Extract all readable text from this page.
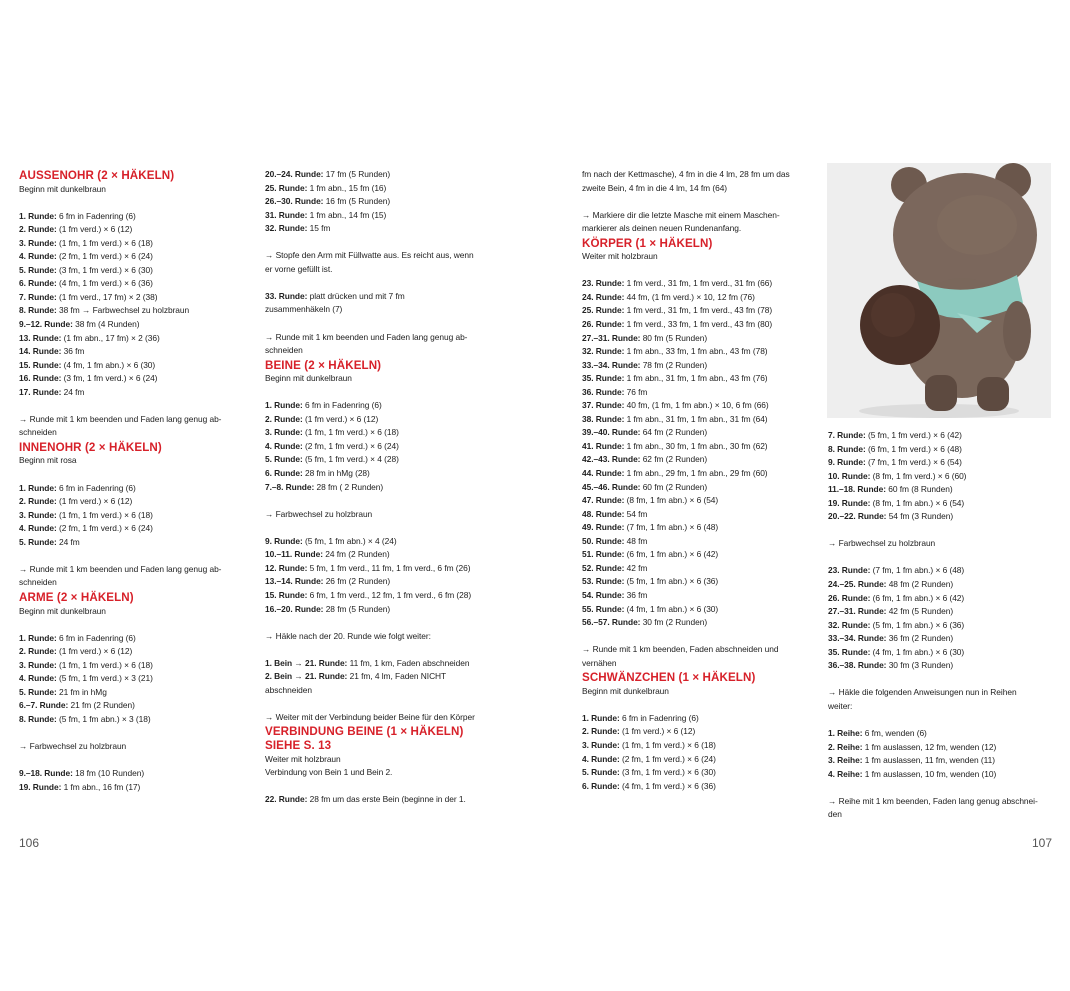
AUSSENOHR (2 × HÄKELN)

Beginn mit dunkelbraun

1. Runde: 6 fm in Fadenring (6)

2. Runde: (1 fm verd.) × 6 (12)

3. Runde: (1 fm, 1 fm verd.) × 6 (18)

4. Runde: (2 fm, 1 fm verd.) × 6 (24)

5. Runde: (3 fm, 1 fm verd.) × 6 (30)

6. Runde: (4 fm, 1 fm verd.) × 6 (36)

7. Runde: (1 fm verd., 17 fm) × 2 (38)

8. Runde: 38 fm → Farbwechsel zu holzbraun

9.–12. Runde: 38 fm (4 Runden)

13. Runde: (1 fm abn., 17 fm) × 2 (36)

14. Runde: 36 fm

15. Runde: (4 fm, 1 fm abn.) × 6 (30)

16. Runde: (3 fm, 1 fm verd.) × 6 (24)

17. Runde: 24 fm

→ Runde mit 1 km beenden und Faden lang genug ab-

schneiden

INNENOHR (2 × HÄKELN)

Beginn mit rosa

1. Runde: 6 fm in Fadenring (6)

2. Runde: (1 fm verd.) × 6 (12)

3. Runde: (1 fm, 1 fm verd.) × 6 (18)

4. Runde: (2 fm, 1 fm verd.) × 6 (24)

5. Runde: 24 fm

→ Runde mit 1 km beenden und Faden lang genug ab-

schneiden

ARME (2 × HÄKELN)

Beginn mit dunkelbraun

1. Runde: 6 fm in Fadenring (6)

2. Runde: (1 fm verd.) × 6 (12)

3. Runde: (1 fm, 1 fm verd.) × 6 (18)

4. Runde: (5 fm, 1 fm verd.) × 3 (21)

5. Runde: 21 fm in hMg

6.–7. Runde: 21 fm (2 Runden)

8. Runde: (5 fm, 1 fm abn.) × 3 (18)

→ Farbwechsel zu holzbraun

9.–18. Runde: 18 fm (10 Runden)

19. Runde: 1 fm abn., 16 fm (17)

20.–24. Runde: 17 fm (5 Runden)

25. Runde: 1 fm abn., 15 fm (16)

26.–30. Runde: 16 fm (5 Runden)

31. Runde: 1 fm abn., 14 fm (15)

32. Runde: 15 fm

→ Stopfe den Arm mit Füllwatte aus. Es reicht aus, wenn

er vorne gefüllt ist.

33. Runde: platt drücken und mit 7 fm

zusammenhäkeln (7)

→ Runde mit 1 km beenden und Faden lang genug ab-

schneiden

BEINE (2 × HÄKELN)

Beginn mit dunkelbraun

1. Runde: 6 fm in Fadenring (6)

2. Runde: (1 fm verd.) × 6 (12)

3. Runde: (1 fm, 1 fm verd.) × 6 (18)

4. Runde: (2 fm, 1 fm verd.) × 6 (24)

5. Runde: (5 fm, 1 fm verd.) × 4 (28)

6. Runde: 28 fm in hMg (28)

7.–8. Runde: 28 fm ( 2 Runden)

→ Farbwechsel zu holzbraun

9. Runde: (5 fm, 1 fm abn.) × 4 (24)

10.–11. Runde: 24 fm (2 Runden)

12. Runde: 5 fm, 1 fm verd., 11 fm, 1 fm verd., 6 fm (26)

13.–14. Runde: 26 fm (2 Runden)

15. Runde: 6 fm, 1 fm verd., 12 fm, 1 fm verd., 6 fm (28)

16.–20. Runde: 28 fm (5 Runden)

→ Häkle nach der 20. Runde wie folgt weiter:

1. Bein → 21. Runde: 11 fm, 1 km, Faden abschneiden

2. Bein → 21. Runde: 21 fm, 4 lm, Faden NICHT

abschneiden

→ Weiter mit der Verbindung beider Beine für den Körper

VERBINDUNG BEINE (1 × HÄKELN) SIEHE S. 13

Weiter mit holzbraun

Verbindung von Bein 1 und Bein 2.

22. Runde: 28 fm um das erste Bein (beginne in der 1.

fm nach der Kettmasche), 4 fm in die 4 lm, 28 fm um das

zweite Bein, 4 fm in die 4 lm, 14 fm (64)

→ Markiere dir die letzte Masche mit einem Maschen-

markierer als deinen neuen Rundenanfang.

KÖRPER (1 × HÄKELN)

Weiter mit holzbraun

23. Runde: 1 fm verd., 31 fm, 1 fm verd., 31 fm (66)

24. Runde: 44 fm, (1 fm verd.) × 10, 12 fm (76)

25. Runde: 1 fm verd., 31 fm, 1 fm verd., 43 fm (78)

26. Runde: 1 fm verd., 33 fm, 1 fm verd., 43 fm (80)

27.–31. Runde: 80 fm (5 Runden)

32. Runde: 1 fm abn., 33 fm, 1 fm abn., 43 fm (78)

33.–34. Runde: 78 fm (2 Runden)

35. Runde: 1 fm abn., 31 fm, 1 fm abn., 43 fm (76)

36. Runde: 76 fm

37. Runde: 40 fm, (1 fm, 1 fm abn.) × 10, 6 fm (66)

38. Runde: 1 fm abn., 31 fm, 1 fm abn., 31 fm (64)

39.–40. Runde: 64 fm (2 Runden)

41. Runde: 1 fm abn., 30 fm, 1 fm abn., 30 fm (62)

42.–43. Runde: 62 fm (2 Runden)

44. Runde: 1 fm abn., 29 fm, 1 fm abn., 29 fm (60)

45.–46. Runde: 60 fm (2 Runden)

47. Runde: (8 fm, 1 fm abn.) × 6 (54)

48. Runde: 54 fm

49. Runde: (7 fm, 1 fm abn.) × 6 (48)

50. Runde: 48 fm

51. Runde: (6 fm, 1 fm abn.) × 6 (42)

52. Runde: 42 fm

53. Runde: (5 fm, 1 fm abn.) × 6 (36)

54. Runde: 36 fm

55. Runde: (4 fm, 1 fm abn.) × 6 (30)

56.–57. Runde: 30 fm (2 Runden)

→ Runde mit 1 km beenden, Faden abschneiden und

vernähen

SCHWÄNZCHEN (1 × HÄKELN)

Beginn mit dunkelbraun

1. Runde: 6 fm in Fadenring (6)

2. Runde: (1 fm verd.) × 6 (12)

3. Runde: (1 fm, 1 fm verd.) × 6 (18)

4. Runde: (2 fm, 1 fm verd.) × 6 (24)

5. Runde: (3 fm, 1 fm verd.) × 6 (30)

6. Runde: (4 fm, 1 fm verd.) × 6 (36)

7. Runde: (5 fm, 1 fm verd.) × 6 (42)

8. Runde: (6 fm, 1 fm verd.) × 6 (48)

9. Runde: (7 fm, 1 fm verd.) × 6 (54)

10. Runde: (8 fm, 1 fm verd.) × 6 (60)

11.–18. Runde: 60 fm (8 Runden)

19. Runde: (8 fm, 1 fm abn.) × 6 (54)

20.–22. Runde: 54 fm (3 Runden)

→ Farbwechsel zu holzbraun

23. Runde: (7 fm, 1 fm abn.) × 6 (48)

24.–25. Runde: 48 fm (2 Runden)

26. Runde: (6 fm, 1 fm abn.) × 6 (42)

27.–31. Runde: 42 fm (5 Runden)

32. Runde: (5 fm, 1 fm abn.) × 6 (36)

33.–34. Runde: 36 fm (2 Runden)

35. Runde: (4 fm, 1 fm abn.) × 6 (30)

36.–38. Runde: 30 fm (3 Runden)

→ Häkle die folgenden Anweisungen nun in Reihen

weiter:

1. Reihe: 6 fm, wenden (6)

2. Reihe: 1 fm auslassen, 12 fm, wenden (12)

3. Reihe: 1 fm auslassen, 11 fm, wenden (11)

4. Reihe: 1 fm auslassen, 10 fm, wenden (10)

→ Reihe mit 1 km beenden, Faden lang genug abschnei-

den

106	107
